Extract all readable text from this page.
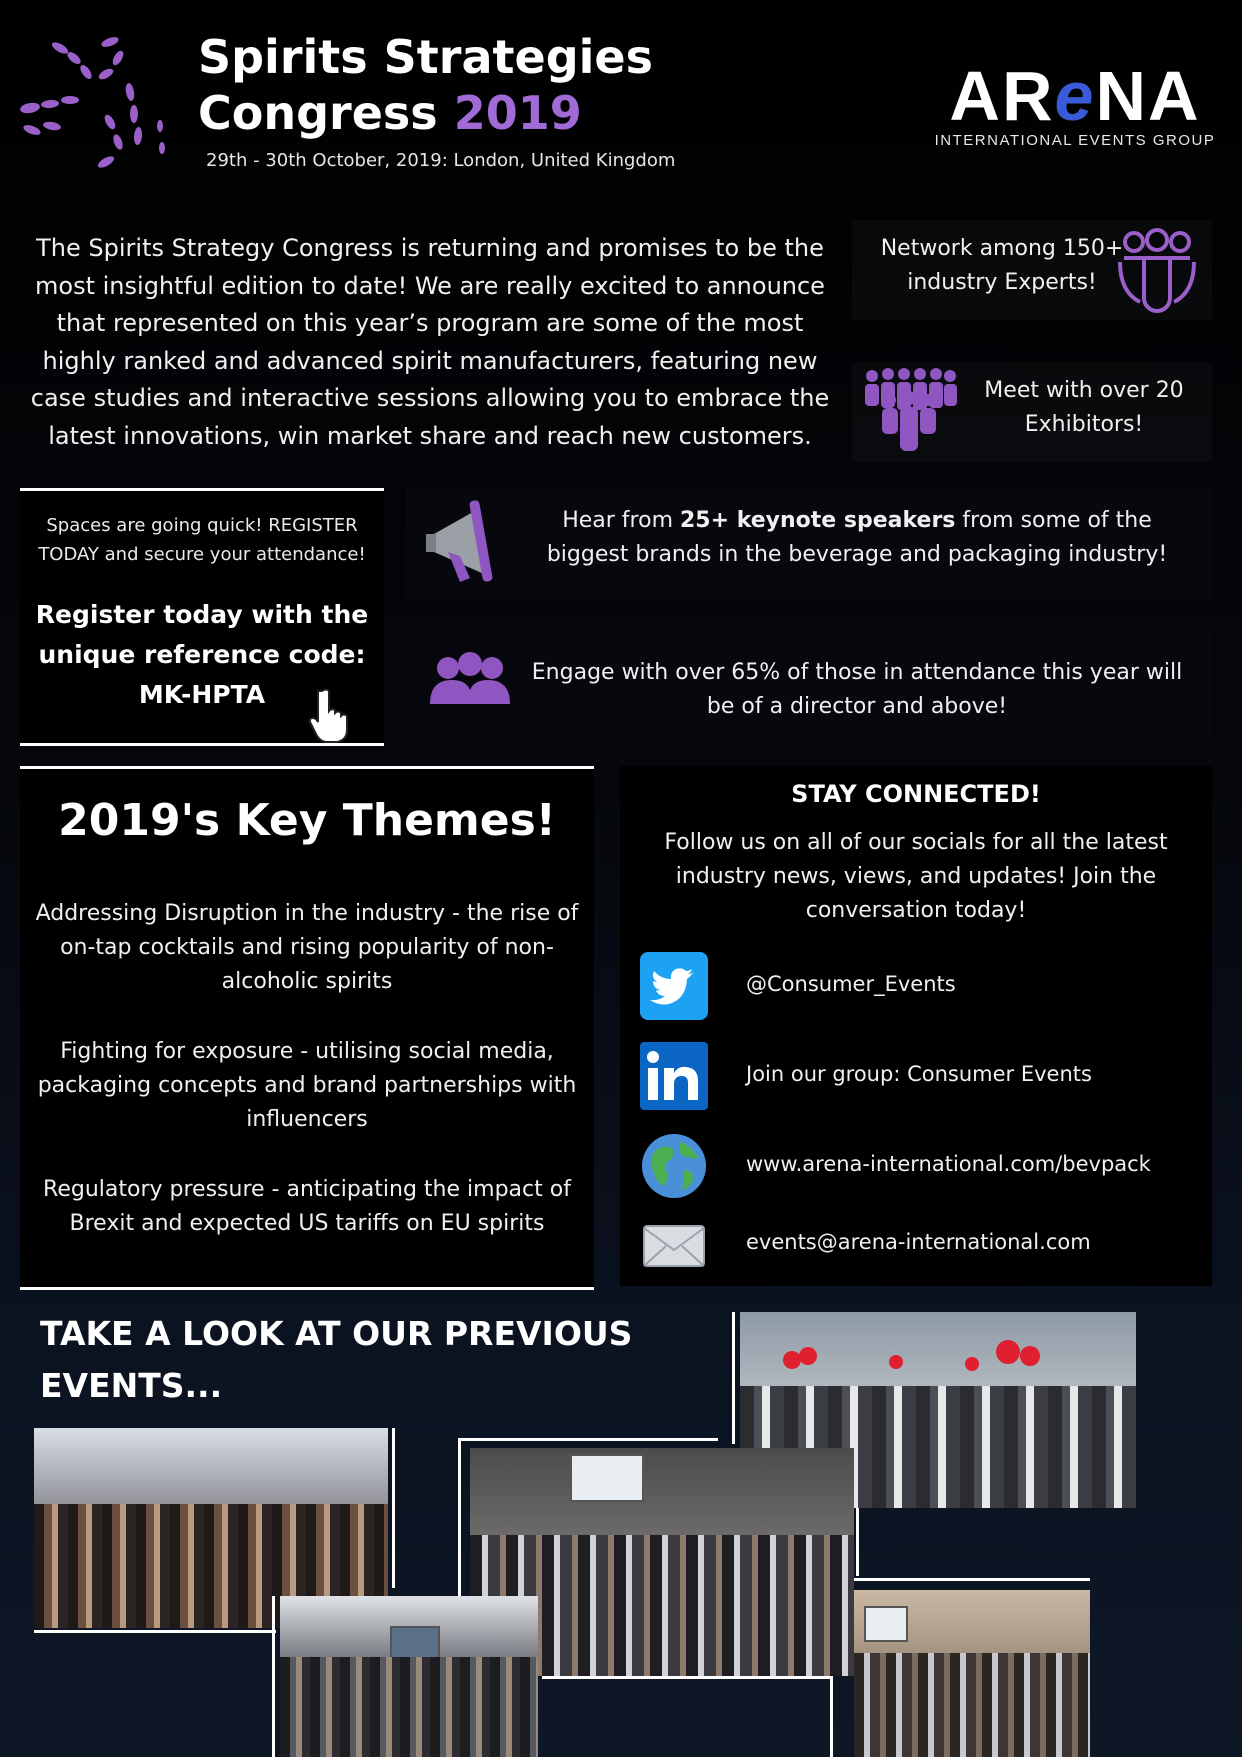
Spirits Strategies
Congress 2019
29th - 30th October, 2019: London, United Kingdom
AReNA
INTERNATIONAL EVENTS GROUP
The Spirits Strategy Congress is returning and promises to be the most insightful edition to date! We are really excited to announce that represented on this year’s program are some of the most highly ranked and advanced spirit manufacturers, featuring new case studies and interactive sessions allowing you to embrace the latest innovations, win market share and reach new customers.
Network among 150+ industry Experts!
Meet with over 20 Exhibitors!
Spaces are going quick! REGISTER TODAY and secure your attendance!
Register today with the unique reference code:
MK-HPTA
Hear from 25+ keynote speakers from some of the biggest brands in the beverage and packaging industry!
Engage with over 65% of those in attendance this year will be of a director and above!
2019's Key Themes!
Addressing Disruption in the industry - the rise of on-tap cocktails and rising popularity of non-alcoholic spirits
Fighting for exposure - utilising social media, packaging concepts and brand partnerships with influencers
Regulatory pressure - anticipating the impact of Brexit and expected US tariffs on EU spirits
STAY CONNECTED!
Follow us on all of our socials for all the latest industry news, views, and updates! Join the conversation today!
@Consumer_Events
Join our group: Consumer Events
www.arena-international.com/bevpack
events@arena-international.com
TAKE A LOOK AT OUR PREVIOUS EVENTS...
